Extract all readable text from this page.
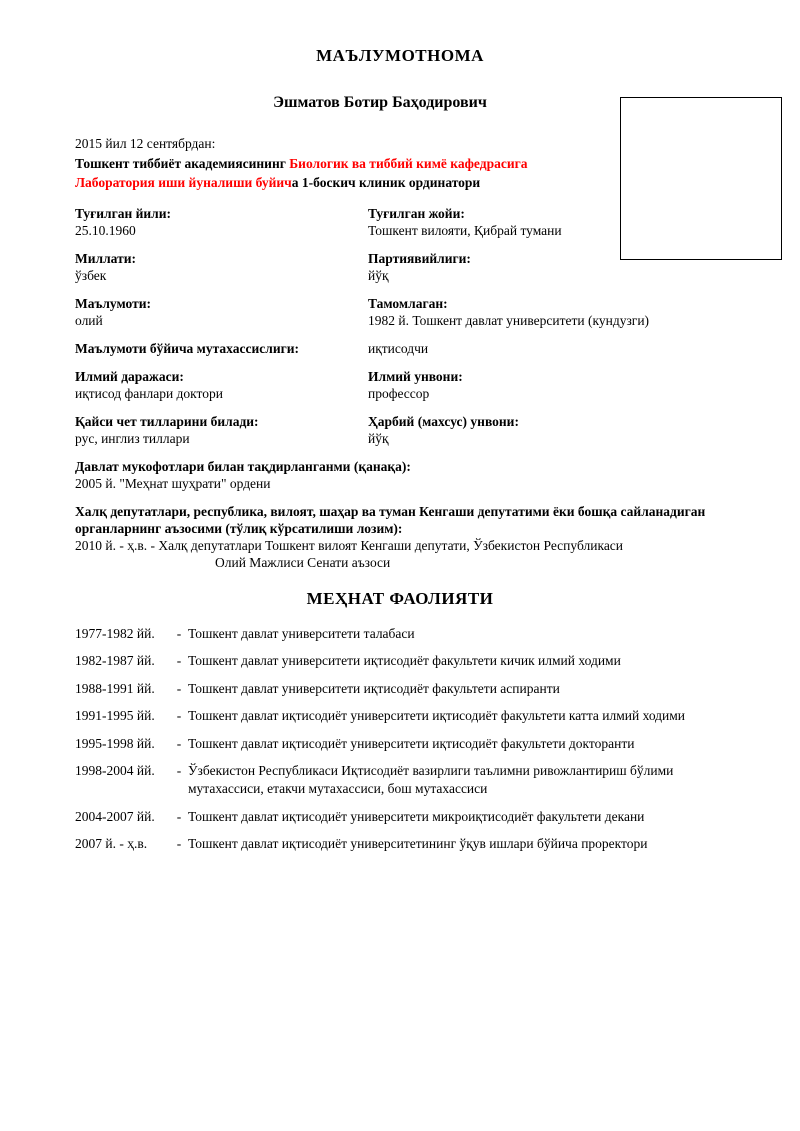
МАЪЛУМОТНОМА
Эшматов Ботир Баҳодирович

2015 йил 12 сентябрдан:

Тошкент тиббиёт академиясининг Биологик ва тиббий кимё кафедрасига

Лаборатория иши йуналиши буйича 1-боскич клиник ординатори

Туғилган йили:
25.10.1960
Туғилган жойи:
Тошкент вилояти, Қибрай тумани
Миллати:
ўзбек
Партиявийлиги:
йўқ
Маълумоти:
олий
Тамомлаган:
1982 й. Тошкент давлат университети (кундузги)
Маълумоти бўйича мутахассислиги:	иқтисодчи
Илмий даражаси:
иқтисод фанлари доктори
Илмий унвони:
профессор
Қайси чет тилларини билади:
рус, инглиз тиллари
Ҳарбий (махсус) унвони:
йўқ
Давлат мукофотлари билан тақдирланганми (қанақа):
2005 й. "Меҳнат шуҳрати" ордени
Халқ депутатлари, республика, вилоят, шаҳар ва туман Кенгаши депутатими ёки бошқа сайланадиган органларнинг аъзосими (тўлиқ кўрсатилиши лозим):
2010 й. - ҳ.в. - Халқ депутатлари Тошкент вилоят Кенгаши депутати, Ўзбекистон Республикаси
Олий Мажлиси Сенати аъзоси
МЕҲНАТ ФАОЛИЯТИ
1977-1982 йй.	- Тошкент давлат университети талабаси
1982-1987 йй.	- Тошкент давлат университети иқтисодиёт факультети кичик илмий ходими
1988-1991 йй.	- Тошкент давлат университети иқтисодиёт факультети аспиранти
1991-1995 йй.	- Тошкент давлат иқтисодиёт университети иқтисодиёт факультети катта илмий ходими
1995-1998 йй.	- Тошкент давлат иқтисодиёт университети иқтисодиёт факультети докторанти
1998-2004 йй.	- Ўзбекистон Республикаси Иқтисодиёт вазирлиги таълимни ривожлантириш бўлими мутахассиси, етакчи мутахассиси, бош мутахассиси
2004-2007 йй.	- Тошкент давлат иқтисодиёт университети микроиқтисодиёт факультети декани
2007 й. - ҳ.в.	- Тошкент давлат иқтисодиёт университетининг ўқув ишлари бўйича проректори
